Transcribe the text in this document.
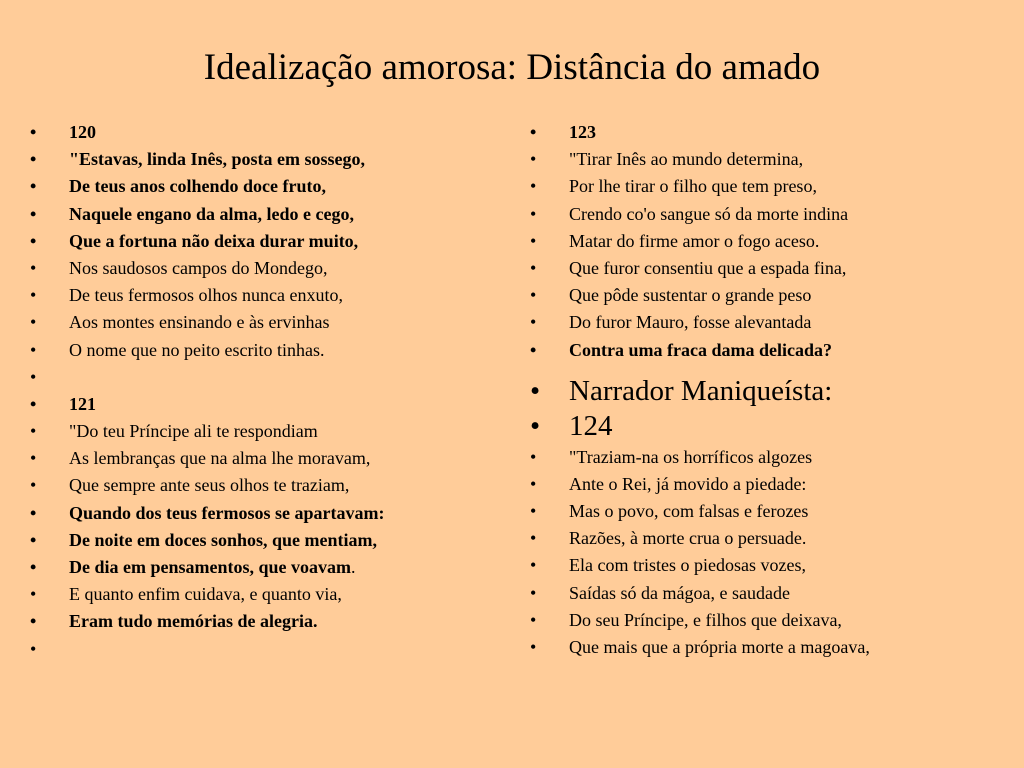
Idealização amorosa: Distância do amado
• 120
• "Estavas, linda Inês, posta em sossego,
• De teus anos colhendo doce fruto,
• Naquele engano da alma, ledo e cego,
• Que a fortuna não deixa durar muito,
• Nos saudosos campos do Mondego,
• De teus fermosos olhos nunca enxuto,
• Aos montes ensinando e às ervinhas
• O nome que no peito escrito tinhas.
•
• 121
• "Do teu Príncipe ali te respondiam
• As lembranças que na alma lhe moravam,
• Que sempre ante seus olhos te traziam,
• Quando dos teus fermosos se apartavam:
• De noite em doces sonhos, que mentiam,
• De dia em pensamentos, que voavam.
• E quanto enfim cuidava, e quanto via,
• Eram tudo memórias de alegria.
•
• 123
• "Tirar Inês ao mundo determina,
• Por lhe tirar o filho que tem preso,
• Crendo co'o sangue só da morte indina
• Matar do firme amor o fogo aceso.
• Que furor consentiu que a espada fina,
• Que pôde sustentar o grande peso
• Do furor Mauro, fosse alevantada
• Contra uma fraca dama delicada?
• Narrador Maniqueísta:
• 124
• "Traziam-na os horríficos algozes
• Ante o Rei, já movido a piedade:
• Mas o povo, com falsas e ferozes
• Razões, à morte crua o persuade.
• Ela com tristes o piedosas vozes,
• Saídas só da mágoa, e saudade
• Do seu Príncipe, e filhos que deixava,
• Que mais que a própria morte a magoava,
